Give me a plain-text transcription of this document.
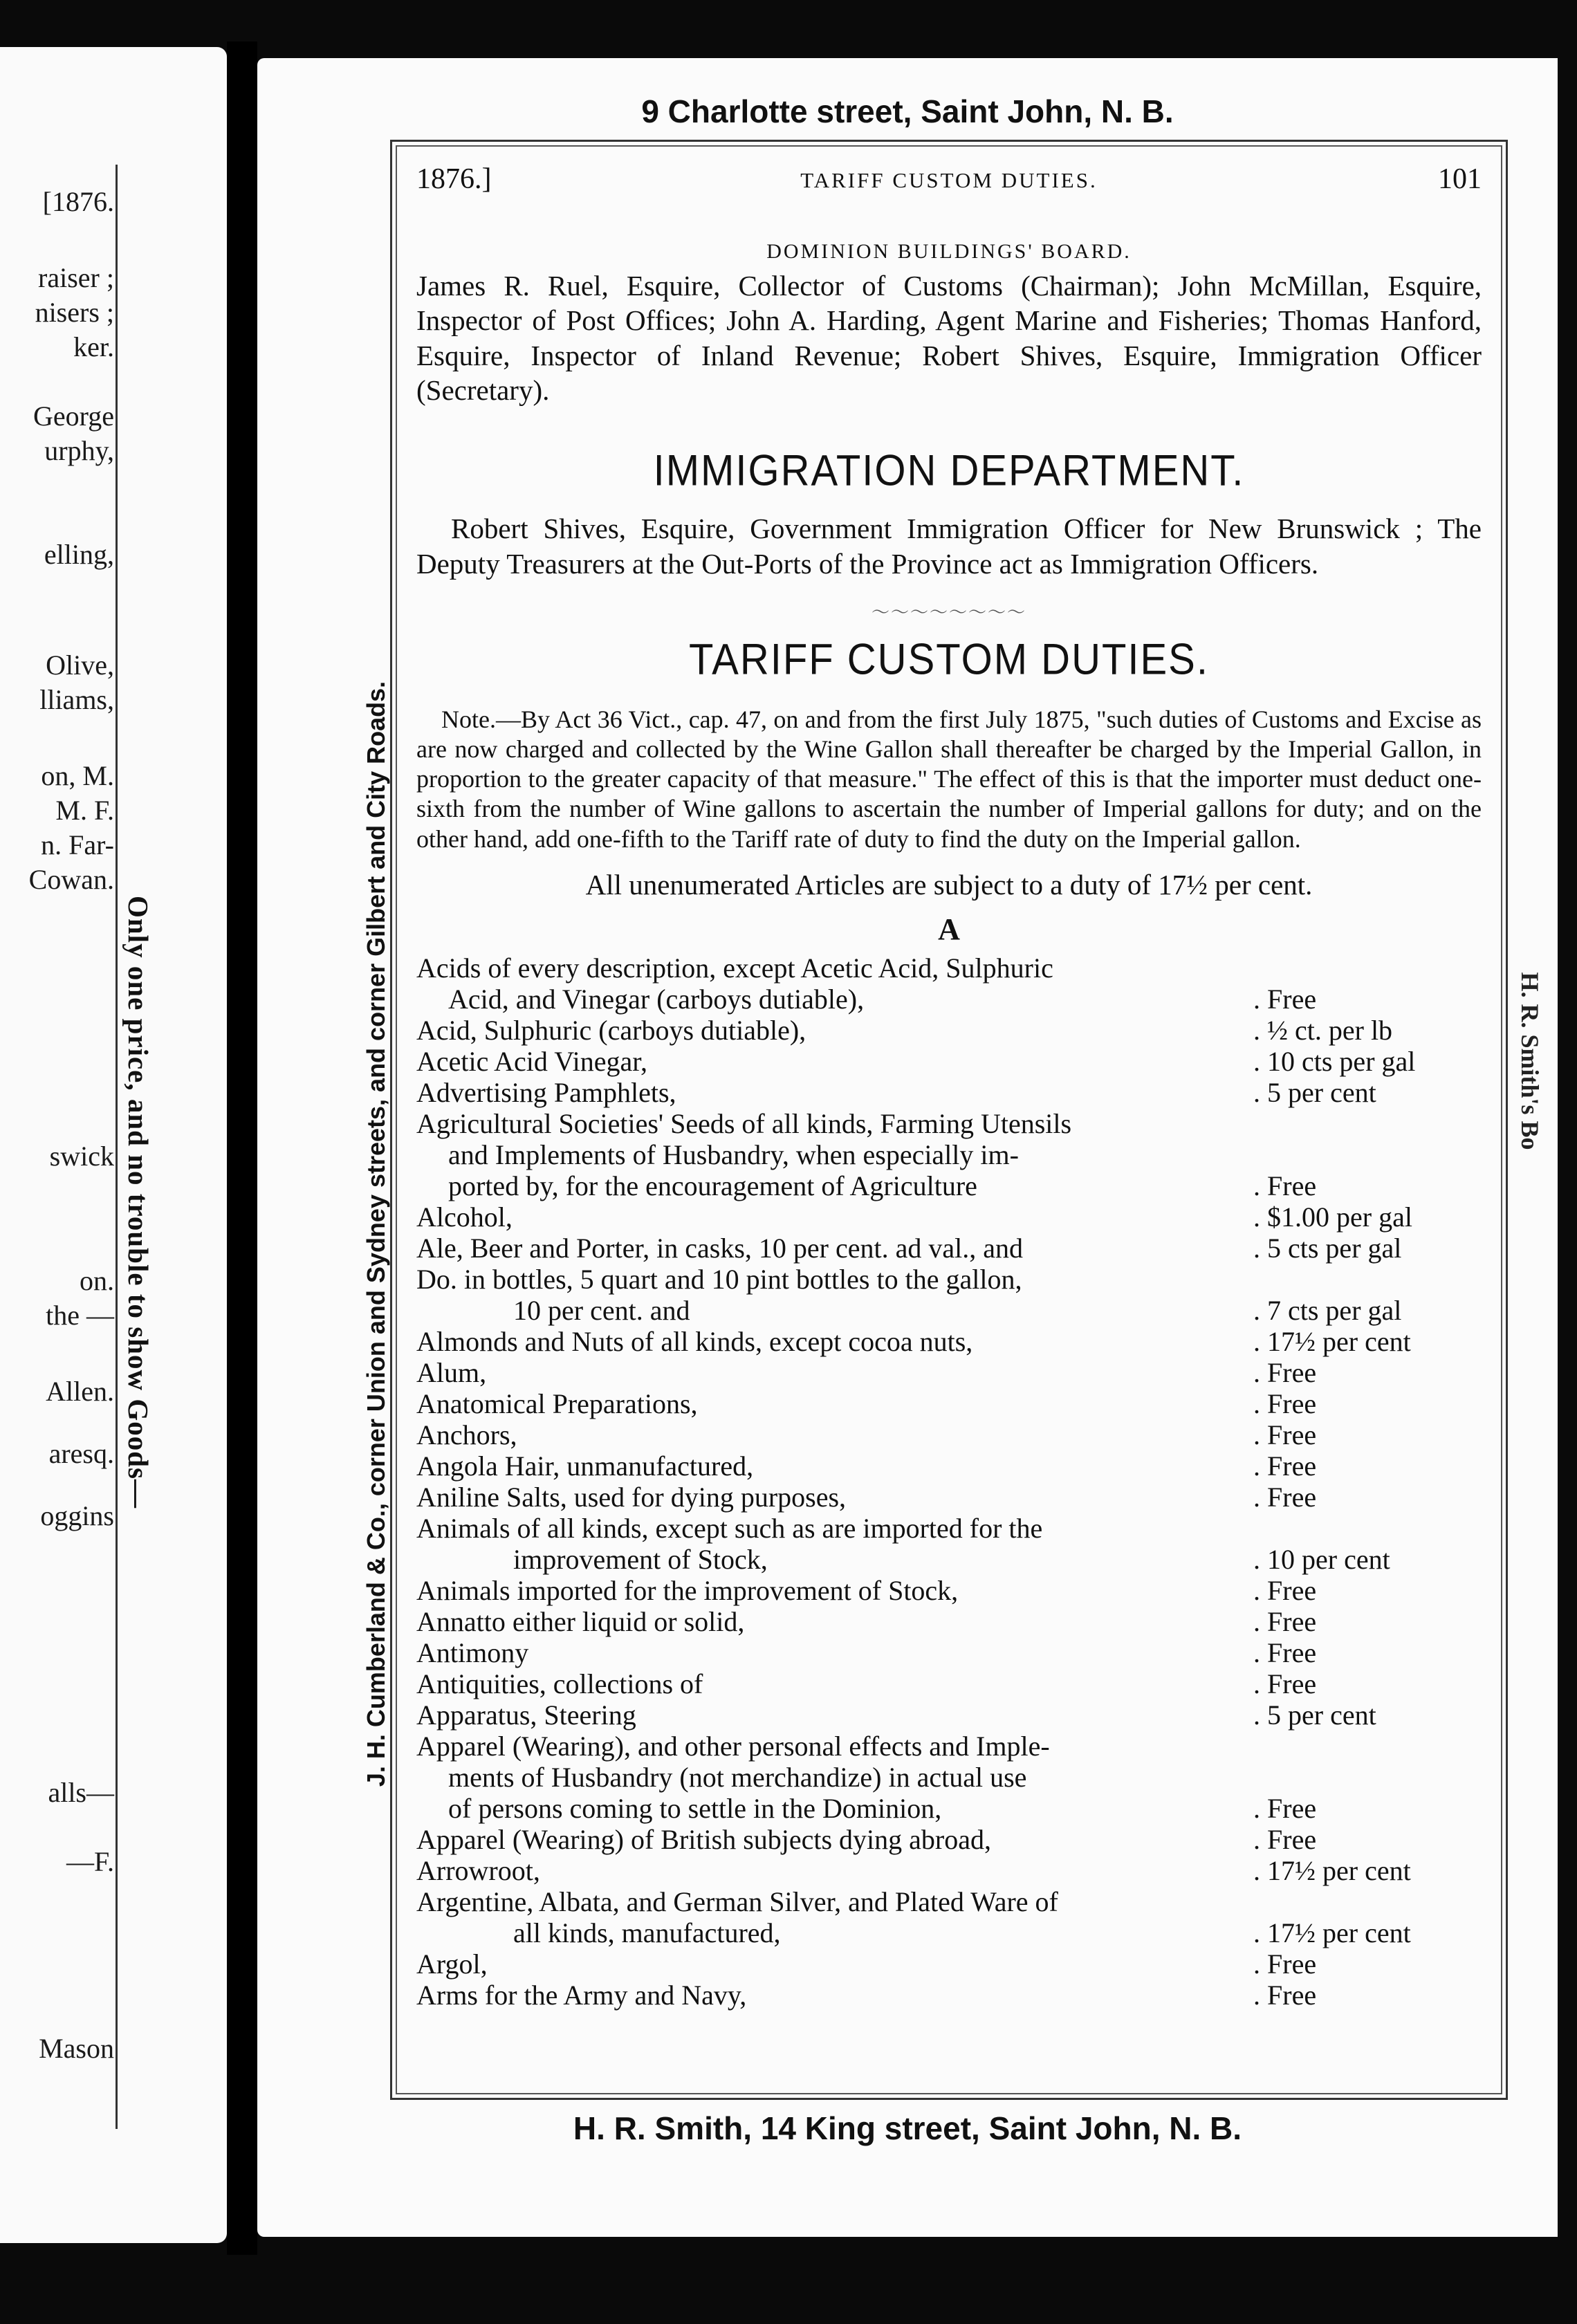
[1876.
raiser ;
nisers ;
ker.
George
urphy,
elling,
Olive,
lliams,
on, M.
M. F.
n. Far-
Cowan.
swick
on.
the —
Allen.
aresq.
oggins
alls—
—F.
Mason
Only one price, and no trouble to show Goods—
9 Charlotte street, Saint John, N. B.
J. H. Cumberland & Co., corner Union and Sydney streets, and corner Gilbert and City Roads.	H. R. Smith's Bo
1876.]	TARIFF CUSTOM DUTIES.	101
DOMINION BUILDINGS' BOARD.
James R. Ruel, Esquire, Collector of Customs (Chairman); John McMillan, Esquire, Inspector of Post Offices; John A. Harding, Agent Marine and Fisheries; Thomas Hanford, Esquire, Inspector of Inland Revenue; Robert Shives, Esquire, Immigration Officer (Secretary).
IMMIGRATION DEPARTMENT.
Robert Shives, Esquire, Government Immigration Officer for New Brunswick ; The Deputy Treasurers at the Out-Ports of the Province act as Immigration Officers.
〜〜〜〜〜〜〜〜
TARIFF CUSTOM DUTIES.
Note.—By Act 36 Vict., cap. 47, on and from the first July 1875, "such duties of Customs and Excise as are now charged and collected by the Wine Gallon shall thereafter be charged by the Imperial Gallon, in proportion to the greater capacity of that measure." The effect of this is that the importer must deduct one-sixth from the number of Wine gallons to ascertain the number of Imperial gallons for duty; and on the other hand, add one-fifth to the Tariff rate of duty to find the duty on the Imperial gallon.
All unenumerated Articles are subject to a duty of 17½ per cent.
A
Acids of every description, except Acetic Acid, Sulphuric
Acid, and Vinegar (carboys dutiable),	. Free
Acid, Sulphuric (carboys dutiable),	. ½ ct. per lb
Acetic Acid Vinegar,	. 10 cts per gal
Advertising Pamphlets,	. 5 per cent
Agricultural Societies' Seeds of all kinds, Farming Utensils
and Implements of Husbandry, when especially im-
ported by, for the encouragement of Agriculture	. Free
Alcohol,	. $1.00 per gal
Ale, Beer and Porter, in casks, 10 per cent. ad val., and	. 5 cts per gal
Do. in bottles, 5 quart and 10 pint bottles to the gallon,
10 per cent. and	. 7 cts per gal
Almonds and Nuts of all kinds, except cocoa nuts,	. 17½ per cent
Alum,	. Free
Anatomical Preparations,	. Free
Anchors,	. Free
Angola Hair, unmanufactured,	. Free
Aniline Salts, used for dying purposes,	. Free
Animals of all kinds, except such as are imported for the
improvement of Stock,	. 10 per cent
Animals imported for the improvement of Stock,	. Free
Annatto either liquid or solid,	. Free
Antimony	. Free
Antiquities, collections of	. Free
Apparatus, Steering	. 5 per cent
Apparel (Wearing), and other personal effects and Imple-
ments of Husbandry (not merchandize) in actual use
of persons coming to settle in the Dominion,	. Free
Apparel (Wearing) of British subjects dying abroad,	. Free
Arrowroot,	. 17½ per cent
Argentine, Albata, and German Silver, and Plated Ware of
all kinds, manufactured,	. 17½ per cent
Argol,	. Free
Arms for the Army and Navy,	. Free
H. R. Smith, 14 King street, Saint John, N. B.
